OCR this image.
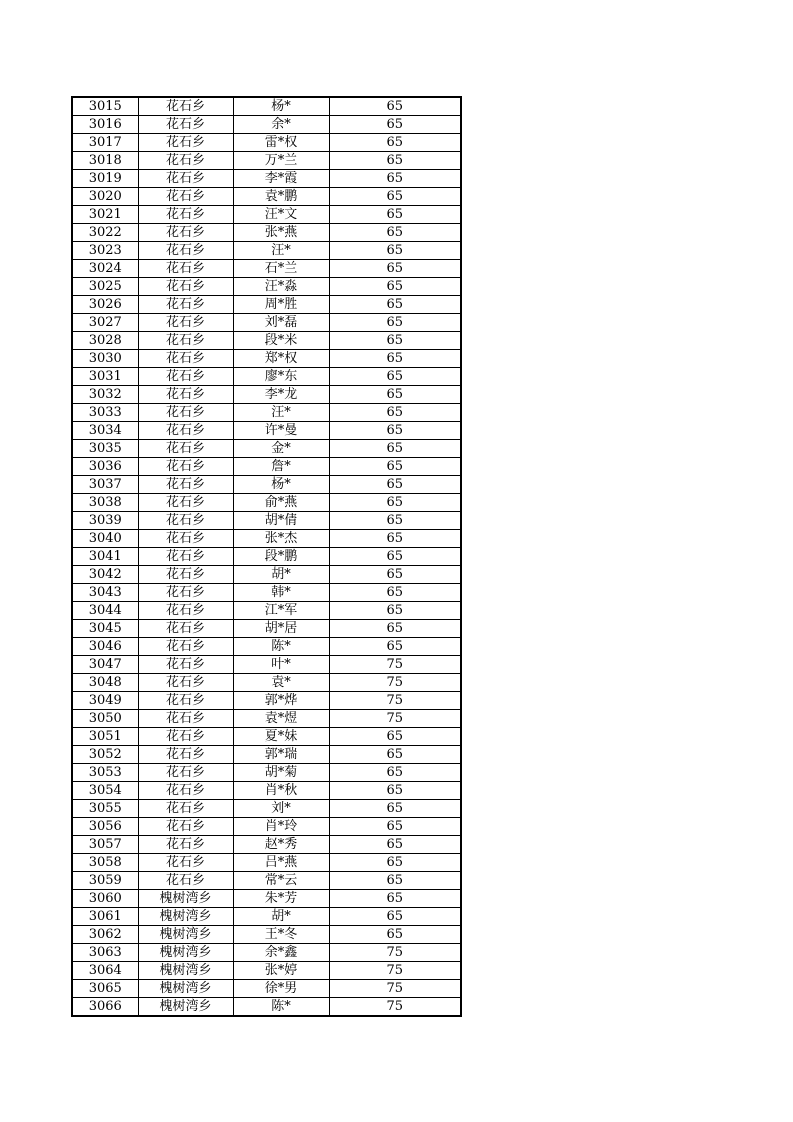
3015	花石乡	杨*	65
3016	花石乡	余*	65
3017	花石乡	雷*权	65
3018	花石乡	万*兰	65
3019	花石乡	李*霞	65
3020	花石乡	袁*鹏	65
3021	花石乡	汪*文	65
3022	花石乡	张*燕	65
3023	花石乡	汪*	65
3024	花石乡	石*兰	65
3025	花石乡	汪*淼	65
3026	花石乡	周*胜	65
3027	花石乡	刘*磊	65
3028	花石乡	段*米	65
3030	花石乡	郑*权	65
3031	花石乡	廖*东	65
3032	花石乡	李*龙	65
3033	花石乡	汪*	65
3034	花石乡	许*曼	65
3035	花石乡	金*	65
3036	花石乡	詹*	65
3037	花石乡	杨*	65
3038	花石乡	俞*燕	65
3039	花石乡	胡*倩	65
3040	花石乡	张*杰	65
3041	花石乡	段*鹏	65
3042	花石乡	胡*	65
3043	花石乡	韩*	65
3044	花石乡	江*军	65
3045	花石乡	胡*居	65
3046	花石乡	陈*	65
3047	花石乡	叶*	75
3048	花石乡	袁*	75
3049	花石乡	郭*烨	75
3050	花石乡	袁*煜	75
3051	花石乡	夏*妹	65
3052	花石乡	郭*瑞	65
3053	花石乡	胡*菊	65
3054	花石乡	肖*秋	65
3055	花石乡	刘*	65
3056	花石乡	肖*玲	65
3057	花石乡	赵*秀	65
3058	花石乡	吕*燕	65
3059	花石乡	常*云	65
3060	槐树湾乡	朱*芳	65
3061	槐树湾乡	胡*	65
3062	槐树湾乡	王*冬	65
3063	槐树湾乡	余*鑫	75
3064	槐树湾乡	张*婷	75
3065	槐树湾乡	徐*男	75
3066	槐树湾乡	陈*	75
